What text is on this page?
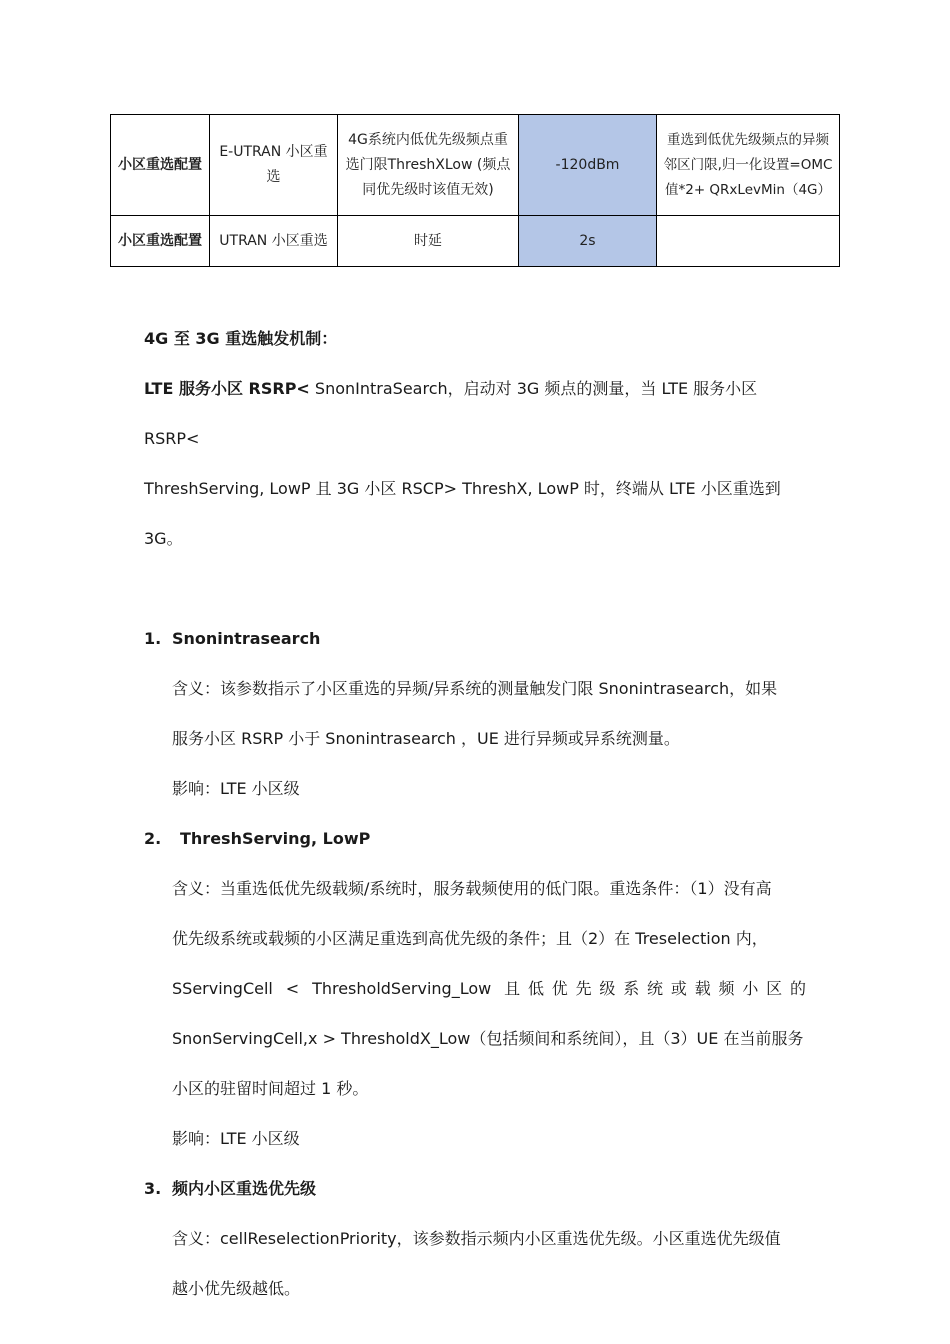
小区重选配置	E-UTRAN 小区重选	4G系统内低优先级频点重选门限ThreshXLow (频点同优先级时该值无效)	-120dBm	重选到低优先级频点的异频邻区门限,归一化设置=OMC值*2+ QRxLevMin（4G）
小区重选配置	UTRAN 小区重选	时延	2s	

4G 至 3G 重选触发机制：

LTE 服务小区 RSRP< SnonIntraSearch，启动对 3G 频点的测量，当 LTE 服务小区 RSRP<

ThreshServing, LowP 且 3G 小区 RSCP> ThreshX, LowP 时，终端从 LTE 小区重选到 3G。

1. Snonintrasearch

含义：该参数指示了小区重选的异频/异系统的测量触发门限 Snonintrasearch，如果

服务小区 RSRP 小于 Snonintrasearch ，UE 进行异频或异系统测量。

影响：LTE 小区级

2. ThreshServing, LowP

含义：当重选低优先级载频/系统时，服务载频使用的低门限。重选条件：（1）没有高

优先级系统或载频的小区满足重选到高优先级的条件；且（2）在 Treselection 内，

SServingCell < ThresholdServing_Low 且低优先级系统或载频小区的

SnonServingCell,x > ThresholdX_Low（包括频间和系统间），且（3）UE 在当前服务

小区的驻留时间超过 1 秒。

影响：LTE 小区级

3. 频内小区重选优先级

含义：cellReselectionPriority，该参数指示频内小区重选优先级。小区重选优先级值

越小优先级越低。
